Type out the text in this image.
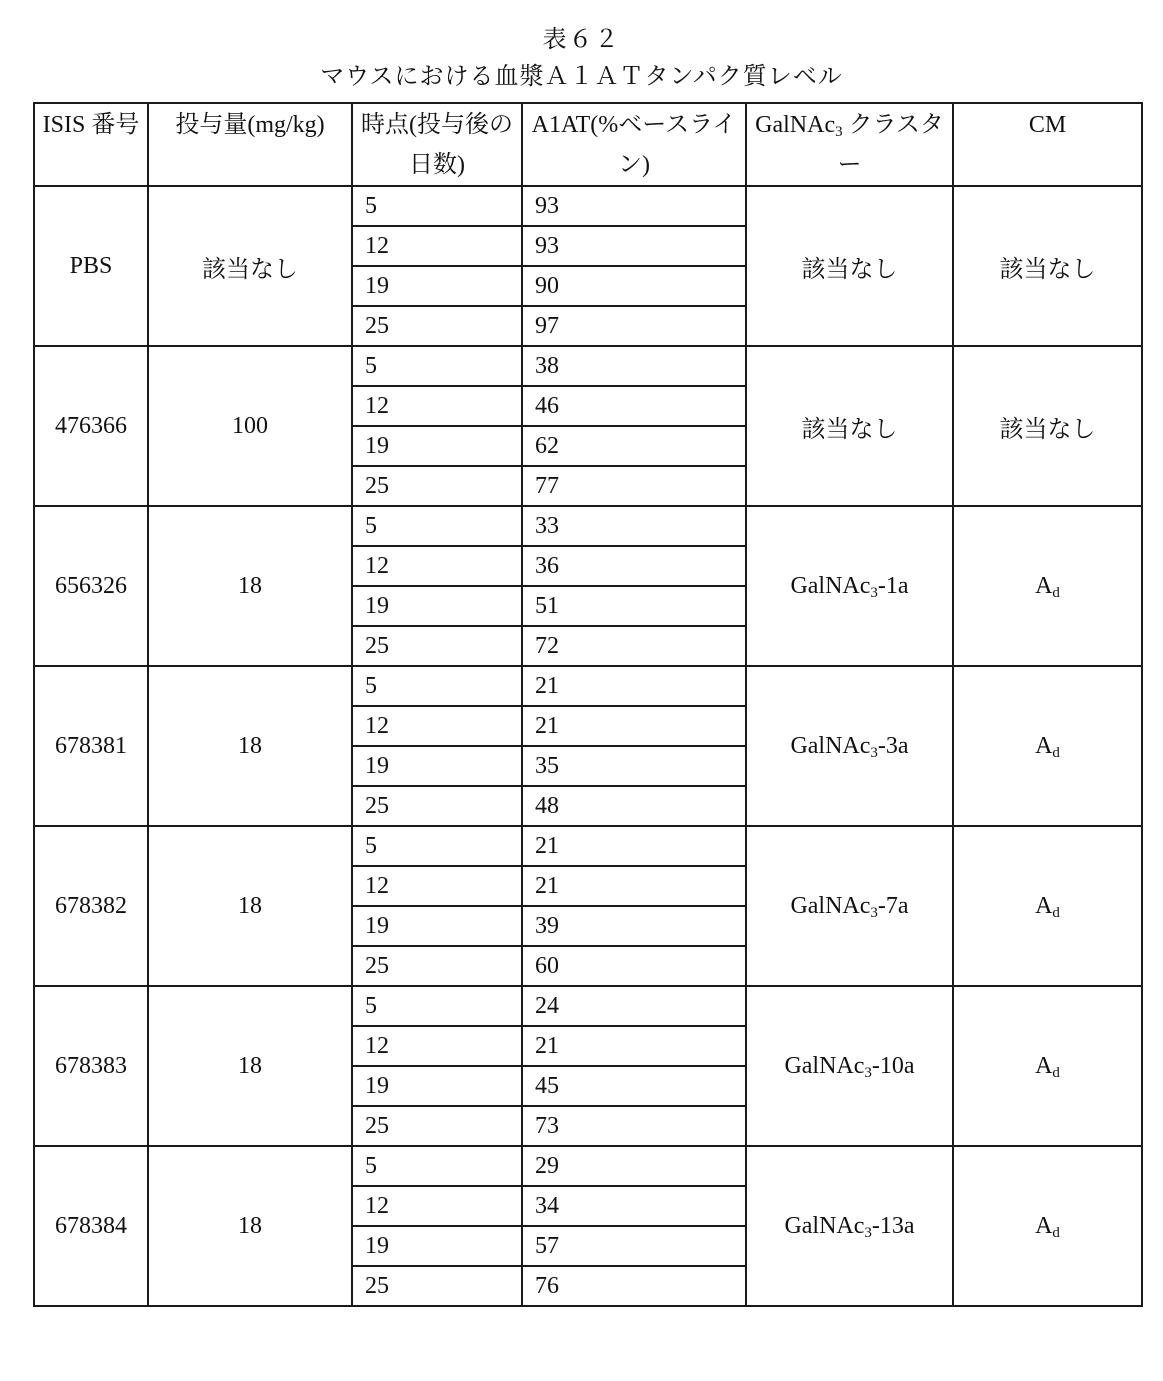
表６２
マウスにおける血漿Ａ１ＡＴタンパク質レベル
ISIS 番号	投与量(mg/kg)	時点(投与後の日数)	A1AT(%ベースライン)	GalNAc$_3$ クラスター	CM
PBS	該当なし	5	93	該当なし	該当なし
		12	93		
		19	90		
		25	97		
476366	100	5	38	該当なし	該当なし
		12	46		
		19	62		
		25	77		
656326	18	5	33	GalNAc$_3$-1a	$A_d$
		12	36		
		19	51		
		25	72		
678381	18	5	21	GalNAc$_3$-3a	$A_d$
		12	21		
		19	35		
		25	48		
678382	18	5	21	GalNAc$_3$-7a	$A_d$
		12	21		
		19	39		
		25	60		
678383	18	5	24	GalNAc$_3$-10a	$A_d$
		12	21		
		19	45		
		25	73		
678384	18	5	29	GalNAc$_3$-13a	$A_d$
		12	34		
		19	57		
		25	76		
